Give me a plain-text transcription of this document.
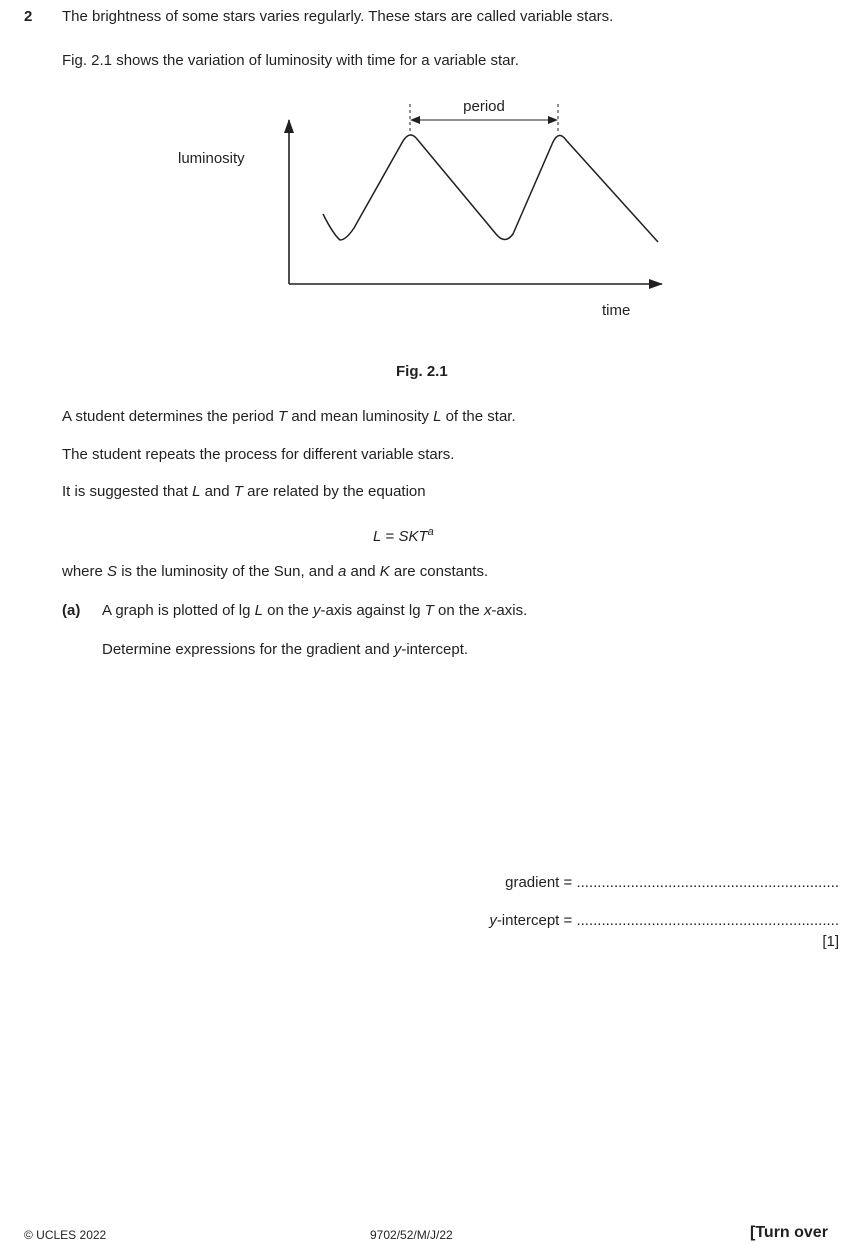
2 The brightness of some stars varies regularly. These stars are called variable stars.
Fig. 2.1 shows the variation of luminosity with time for a variable star.
luminosity
time
period
Fig. 2.1
A student determines the period T and mean luminosity L of the star.
The student repeats the process for different variable stars.
It is suggested that L and T are related by the equation
$L = SKT^a$
where S is the luminosity of the Sun, and a and K are constants.
(a) A graph is plotted of lg L on the y-axis against lg T on the x-axis.
Determine expressions for the gradient and y-intercept.
gradient = ...............................................................
y-intercept = ...............................................................
[1]
© UCLES 2022	9702/52/M/J/22	[Turn over
